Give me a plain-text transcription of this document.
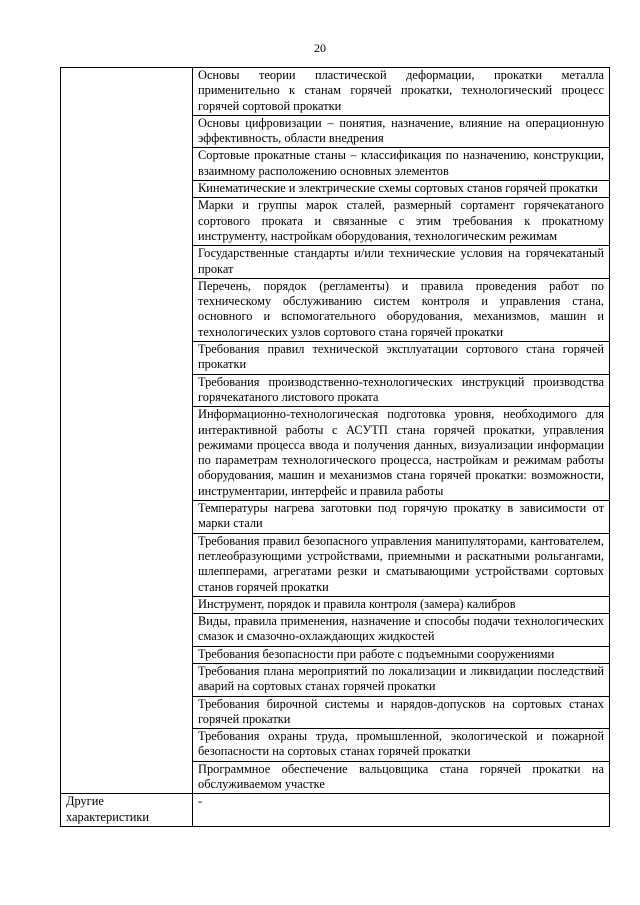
20
	Основы теории пластической деформации, прокатки металла применительно к станам горячей прокатки, технологический процесс горячей сортовой прокатки
	Основы цифровизации – понятия, назначение, влияние на операционную эффективность, области внедрения
	Сортовые прокатные станы – классификация по назначению, конструкции, взаимному расположению основных элементов
	Кинематические и электрические схемы сортовых станов горячей прокатки
	Марки и группы марок сталей, размерный сортамент горячекатаного сортового проката и связанные с этим требования к прокатному инструменту, настройкам оборудования, технологическим режимам
	Государственные стандарты и/или технические условия на горячекатаный прокат
	Перечень, порядок (регламенты) и правила проведения работ по техническому обслуживанию систем контроля и управления стана, основного и вспомогательного оборудования, механизмов, машин и технологических узлов сортового стана горячей прокатки
	Требования правил технической эксплуатации сортового стана горячей прокатки
	Требования производственно-технологических инструкций производства горячекатаного листового проката
	Информационно-технологическая подготовка уровня, необходимого для интерактивной работы с АСУТП стана горячей прокатки, управления режимами процесса ввода и получения данных, визуализации информации по параметрам технологического процесса, настройкам и режимам работы оборудования, машин и механизмов стана горячей прокатки: возможности, инструментарии, интерфейс и правила работы
	Температуры нагрева заготовки под горячую прокатку в зависимости от марки стали
	Требования правил безопасного управления манипуляторами, кантователем, петлеобразующими устройствами, приемными и раскатными рольгангами, шлепперами, агрегатами резки и сматывающими устройствами сортовых станов горячей прокатки
	Инструмент, порядок и правила контроля (замера) калибров
	Виды, правила применения, назначение и способы подачи технологических смазок и смазочно-охлаждающих жидкостей
	Требования безопасности при работе с подъемными сооружениями
	Требования плана мероприятий по локализации и ликвидации последствий аварий на сортовых станах горячей прокатки
	Требования бирочной системы и нарядов-допусков на сортовых станах горячей прокатки
	Требования охраны труда, промышленной, экологической и пожарной безопасности на сортовых станах горячей прокатки
	Программное обеспечение вальцовщика стана горячей прокатки на обслуживаемом участке
Другие характеристики	-
